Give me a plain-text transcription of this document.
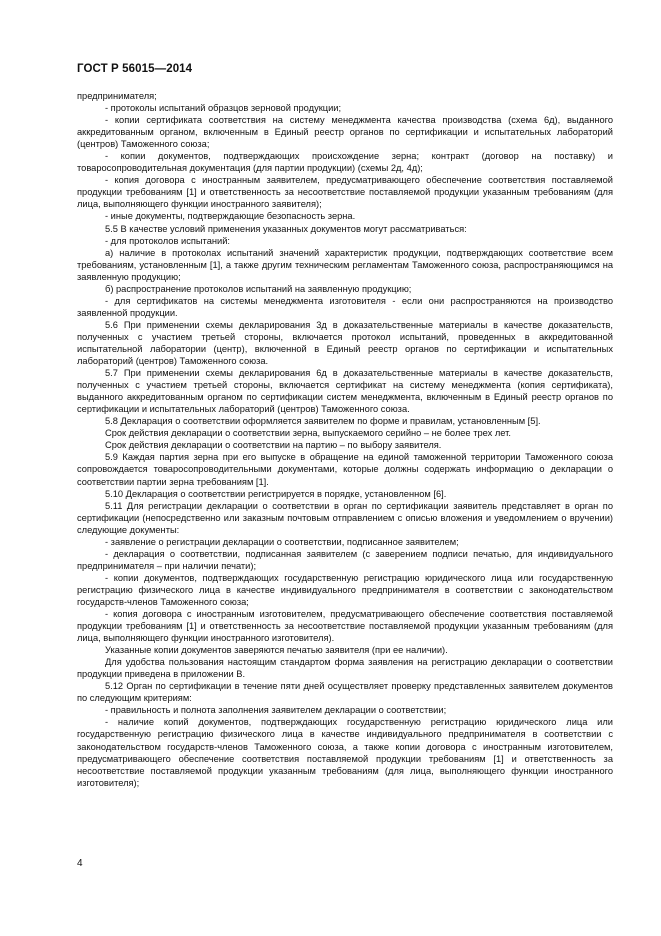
ГОСТ Р 56015—2014

предпринимателя;

- протоколы испытаний образцов зерновой продукции;

- копии сертификата соответствия на систему менеджмента качества производства (схема 6д), выданного аккредитованным органом, включенным в Единый реестр органов по сертификации и испытательных лабораторий (центров) Таможенного союза;

- копии документов, подтверждающих происхождение зерна; контракт (договор на поставку) и товаросопроводительная документация (для партии продукции) (схемы 2д, 4д);

- копия договора с иностранным заявителем, предусматривающего обеспечение соответствия поставляемой продукции требованиям [1] и ответственность за несоответствие поставляемой продукции указанным требованиям (для лица, выполняющего функции иностранного заявителя);

- иные документы, подтверждающие безопасность зерна.

5.5 В качестве условий применения указанных документов могут рассматриваться:

- для протоколов испытаний:

а) наличие в протоколах испытаний значений характеристик продукции, подтверждающих соответствие всем требованиям, установленным [1], а также другим техническим регламентам Таможенного союза, распространяющимся на заявленную продукцию;

б) распространение протоколов испытаний на заявленную продукцию;

- для сертификатов на системы менеджмента изготовителя - если они распространяются на производство заявленной продукции.

5.6 При применении схемы декларирования 3д в доказательственные материалы в качестве доказательств, полученных с участием третьей стороны, включается протокол испытаний, проведенных в аккредитованной испытательной лаборатории (центр), включенной в Единый реестр органов по сертификации и испытательных лабораторий (центров) Таможенного союза.

5.7 При применении схемы декларирования 6д в доказательственные материалы в качестве доказательств, полученных с участием третьей стороны, включается сертификат на систему менеджмента (копия сертификата), выданного аккредитованным органом по сертификации систем менеджмента, включенным в Единый реестр органов по сертификации и испытательных лабораторий (центров) Таможенного союза.

5.8 Декларация о соответствии оформляется заявителем по форме и правилам, установленным [5].

Срок действия декларации о соответствии зерна, выпускаемого серийно – не более трех лет.

Срок действия декларации о соответствии на партию – по выбору заявителя.

5.9 Каждая партия зерна при его выпуске в обращение на единой таможенной территории Таможенного союза сопровождается товаросопроводительными документами, которые должны содержать информацию о декларации о соответствии партии зерна требованиям [1].

5.10 Декларация о соответствии регистрируется в порядке, установленном [6].

5.11 Для регистрации декларации о соответствии в орган по сертификации заявитель представляет в орган по сертификации (непосредственно или заказным почтовым отправлением с описью вложения и уведомлением о вручении) следующие документы:

- заявление о регистрации декларации о соответствии, подписанное заявителем;

- декларация о соответствии, подписанная заявителем (с заверением подписи печатью, для индивидуального предпринимателя – при наличии печати);

- копии документов, подтверждающих государственную регистрацию юридического лица или государственную регистрацию физического лица в качестве индивидуального предпринимателя в соответствии с законодательством государств-членов Таможенного союза;

- копия договора с иностранным изготовителем, предусматривающего обеспечение соответствия поставляемой продукции требованиям [1] и ответственность за несоответствие поставляемой продукции указанным требованиям (для лица, выполняющего функции иностранного изготовителя).

Указанные копии документов заверяются печатью заявителя (при ее наличии).

Для удобства пользования настоящим стандартом форма заявления на регистрацию декларации о соответствии продукции приведена в приложении В.

5.12 Орган по сертификации в течение пяти дней осуществляет проверку представленных заявителем документов по следующим критериям:

- правильность и полнота заполнения заявителем декларации о соответствии;

- наличие копий документов, подтверждающих государственную регистрацию юридического лица или государственную регистрацию физического лица в качестве индивидуального предпринимателя в соответствии с законодательством государств-членов Таможенного союза, а также копии договора с иностранным изготовителем, предусматривающего обеспечение соответствия поставляемой продукции требованиям [1] и ответственность за несоответствие поставляемой продукции указанным требованиям (для лица, выполняющего функции иностранного изготовителя);

4
